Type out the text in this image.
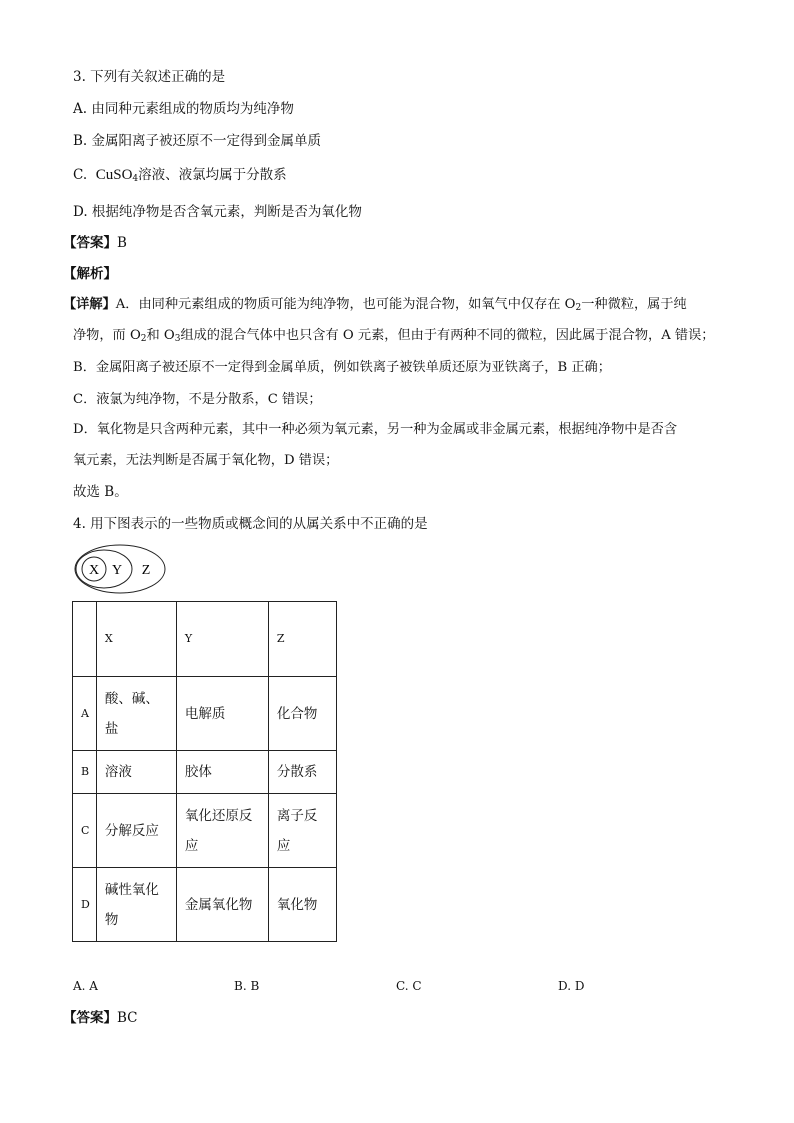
3. 下列有关叙述正确的是
A. 由同种元素组成的物质均为纯净物
B. 金属阳离子被还原不一定得到金属单质
C. CuSO$_4$溶液、液氯均属于分散系
D. 根据纯净物是否含氧元素，判断是否为氧化物
【答案】B
【解析】
【详解】A．由同种元素组成的物质可能为纯净物，也可能为混合物，如氧气中仅存在 $O_2$一种微粒，属于纯
净物，而 $O_2$和 $O_3$组成的混合气体中也只含有 O 元素，但由于有两种不同的微粒，因此属于混合物，A 错误；
B．金属阳离子被还原不一定得到金属单质，例如铁离子被铁单质还原为亚铁离子，B 正确；
C．液氯为纯净物，不是分散系，C 错误；
D．氧化物是只含两种元素，其中一种必须为氧元素，另一种为金属或非金属元素，根据纯净物中是否含
氧元素，无法判断是否属于氧化物，D 错误；
故选 B。
4. 用下图表示的一些物质或概念间的从属关系中不正确的是
X Y Z
	X	Y	Z
A	酸、碱、盐	电解质	化合物
B	溶液	胶体	分散系
C	分解反应	氧化还原反应	离子反应
D	碱性氧化物	金属氧化物	氧化物
A. A	B. B	C. C	D. D
【答案】BC
